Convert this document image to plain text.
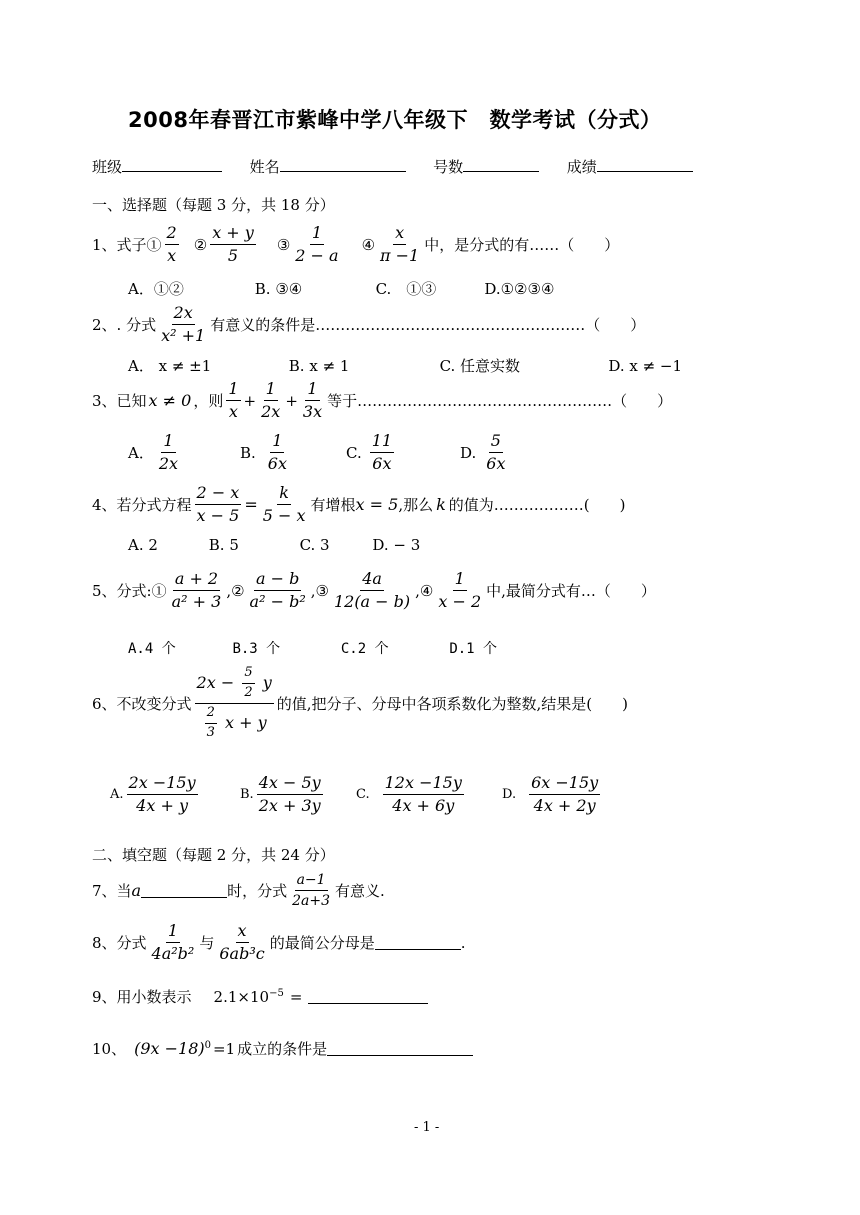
2008年春晋江市紫峰中学八年级下　数学考试（分式）
班级	姓名	号数	成绩
一、选择题（每题 3 分，共 18 分）
1、式子① $\frac{2}{x}$ ② $\frac{x + y}{5}$ ③ $\frac{1}{2 - a}$ ④ $\frac{x}{\pi -1}$ 中，是分式的有……（　　）
A．①②	B. ③④	C.　①③	D.①②③④
2、. 分式 $\frac{2x}{\text{x² +1}}$ 有意义的条件是………………………………………………（　　）
A． x ≠ ±1	B. x ≠ 1	C. 任意实数	D. x ≠ −1
3、已知 x ≠ 0 ，则 $\frac{1}{x} + \frac{1}{2x} + \frac{1}{3x}$ 等于……………………………………………（　　）
A． $\frac{1}{2x}$	B. $\frac{1}{6x}$	C. $\frac{11}{6x}$	D. $\frac{5}{6x}$
4、若分式方程 $\frac{2 - x}{x - 5} = \frac{k}{5 - x}$ 有增根 x = 5 ,那么 k 的值为………………(　　)
A. 2	B. 5	C. 3	D. − 3
5、分式:① $\frac{a + 2}{\text{a² + 3}}$ ,② $\frac{a - b}{\text{a² − b²}}$ ,③ $\frac{4a}{12(a - b)}$ ,④ $\frac{1}{x - 2}$ 中,最简分式有…（　　）
A.4 个	B.3 个	C.2 个	D.1 个
6、不改变分式 $\frac{2x - \frac{5}{2} y}{\frac{2}{3} x + y}$ 的值,把分子、分母中各项系数化为整数,结果是(　　)
A. $\frac{2x -15y}{4x + y}$	B. $\frac{4x - 5y}{2x + 3y}$	C. $\frac{12x -15y}{4x + 6y}$	D. $\frac{6x -15y}{4x + 2y}$
二、填空题（每题 2 分，共 24 分）
7、当 a	时，分式 $\frac{a-1}{2a+3}$ 有意义.
8、分式 $\frac{1}{\text{4a²b²}}$ 与 $\frac{x}{\text{6ab³c}}$ 的最简公分母是	.
9、用小数表示 $2.1\times 10^{-5}$ =
10、 $(9x -18)^0 =1$ 成立的条件是
- 1 -
